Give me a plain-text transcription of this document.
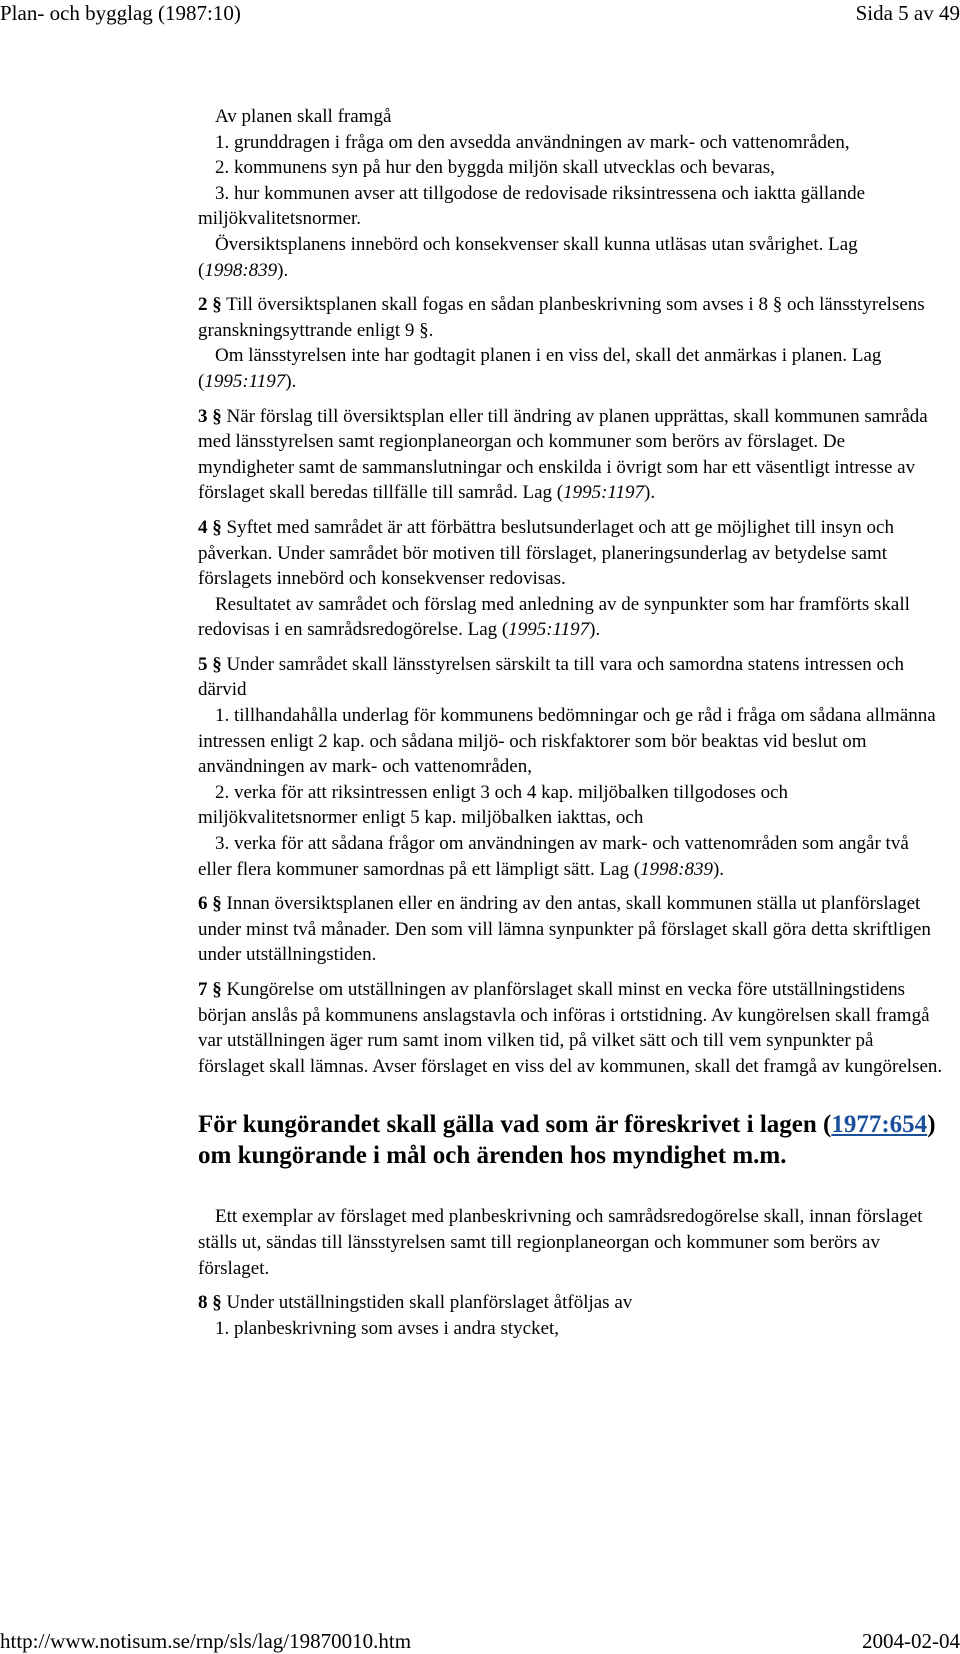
Plan- och bygglag (1987:10)	Sida 5 av 49

Av planen skall framgå

1. grunddragen i fråga om den avsedda användningen av mark- och vattenområden,

2. kommunens syn på hur den byggda miljön skall utvecklas och bevaras,

3. hur kommunen avser att tillgodose de redovisade riksintressena och iaktta gällande miljökvalitetsnormer.

Översiktsplanens innebörd och konsekvenser skall kunna utläsas utan svårighet. Lag (1998:839).

2 § Till översiktsplanen skall fogas en sådan planbeskrivning som avses i 8 § och länsstyrelsens granskningsyttrande enligt 9 §.

Om länsstyrelsen inte har godtagit planen i en viss del, skall det anmärkas i planen. Lag (1995:1197).

3 § När förslag till översiktsplan eller till ändring av planen upprättas, skall kommunen samråda med länsstyrelsen samt regionplaneorgan och kommuner som berörs av förslaget. De myndigheter samt de sammanslutningar och enskilda i övrigt som har ett väsentligt intresse av förslaget skall beredas tillfälle till samråd. Lag (1995:1197).

4 § Syftet med samrådet är att förbättra beslutsunderlaget och att ge möjlighet till insyn och påverkan. Under samrådet bör motiven till förslaget, planeringsunderlag av betydelse samt förslagets innebörd och konsekvenser redovisas.

Resultatet av samrådet och förslag med anledning av de synpunkter som har framförts skall redovisas i en samrådsredogörelse. Lag (1995:1197).

5 § Under samrådet skall länsstyrelsen särskilt ta till vara och samordna statens intressen och därvid

1. tillhandahålla underlag för kommunens bedömningar och ge råd i fråga om sådana allmänna intressen enligt 2 kap. och sådana miljö- och riskfaktorer som bör beaktas vid beslut om användningen av mark- och vattenområden,

2. verka för att riksintressen enligt 3 och 4 kap. miljöbalken tillgodoses och miljökvalitetsnormer enligt 5 kap. miljöbalken iakttas, och

3. verka för att sådana frågor om användningen av mark- och vattenområden som angår två eller flera kommuner samordnas på ett lämpligt sätt. Lag (1998:839).

6 § Innan översiktsplanen eller en ändring av den antas, skall kommunen ställa ut planförslaget under minst två månader. Den som vill lämna synpunkter på förslaget skall göra detta skriftligen under utställningstiden.

7 § Kungörelse om utställningen av planförslaget skall minst en vecka före utställningstidens början anslås på kommunens anslagstavla och införas i ortstidning. Av kungörelsen skall framgå var utställningen äger rum samt inom vilken tid, på vilket sätt och till vem synpunkter på förslaget skall lämnas. Avser förslaget en viss del av kommunen, skall det framgå av kungörelsen.

För kungörandet skall gälla vad som är föreskrivet i lagen (1977:654) om kungörande i mål och ärenden hos myndighet m.m.

Ett exemplar av förslaget med planbeskrivning och samrådsredogörelse skall, innan förslaget ställs ut, sändas till länsstyrelsen samt till regionplaneorgan och kommuner som berörs av förslaget.

8 § Under utställningstiden skall planförslaget åtföljas av

1. planbeskrivning som avses i andra stycket,

http://www.notisum.se/rnp/sls/lag/19870010.htm	2004-02-04
